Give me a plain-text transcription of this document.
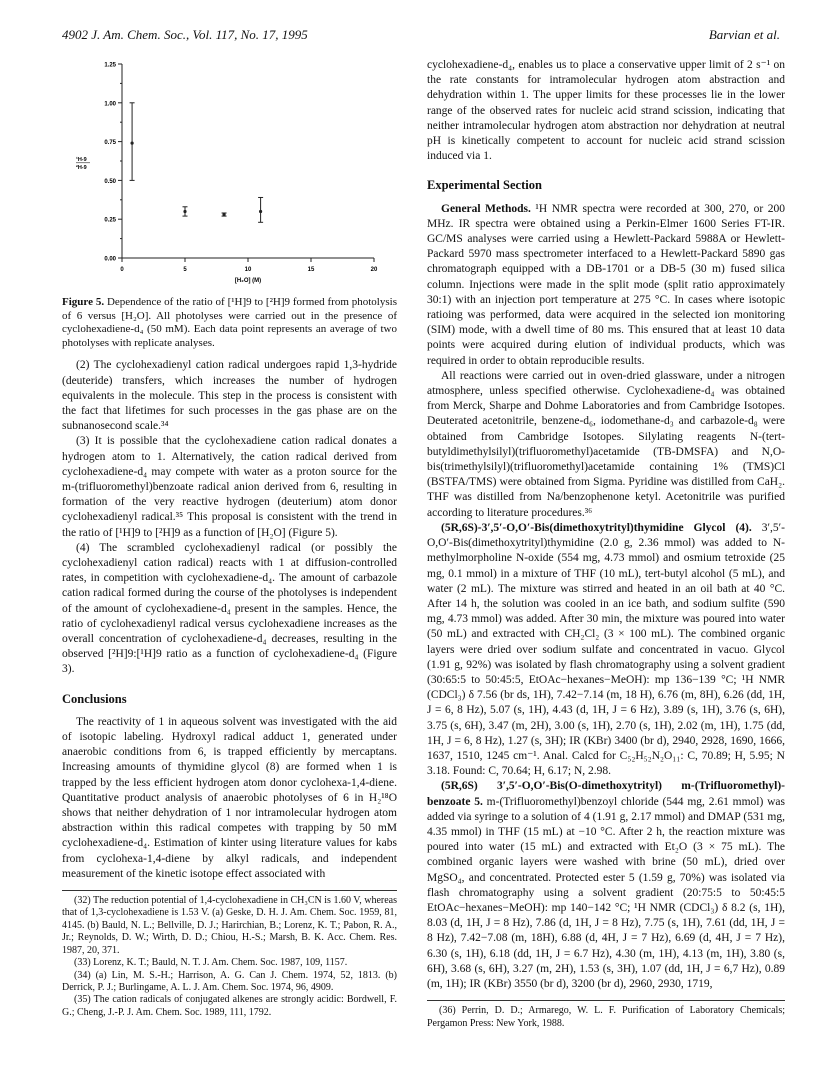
4902 J. Am. Chem. Soc., Vol. 117, No. 17, 1995	Barvian et al.
0.00
0.25
0.50
0.75
1.00
1.25
0	5	10	15	20
[H₂O] (M)
¹H-9
²H-9
Figure 5. Dependence of the ratio of [¹H]9 to [²H]9 formed from photolysis of 6 versus [H₂O]. All photolyses were carried out in the presence of cyclohexadiene-d₄ (50 mM). Each data point represents an average of two photolyses with replicate analyses.

(2) The cyclohexadienyl cation radical undergoes rapid 1,3-hydride (deuteride) transfers, which increases the number of hydrogen equivalents in the molecule. This step in the process is consistent with the fact that lifetimes for such processes in the gas phase are on the subnanosecond scale.³⁴

(3) It is possible that the cyclohexadiene cation radical donates a hydrogen atom to 1. Alternatively, the cation radical derived from cyclohexadiene-d₄ may compete with water as a proton source for the m-(trifluoromethyl)benzoate radical anion derived from 6, resulting in formation of the very reactive hydrogen (deuterium) atom donor cyclohexadienyl radical.³⁵ This proposal is consistent with the trend in the ratio of [¹H]9 to [²H]9 as a function of [H₂O] (Figure 5).

(4) The scrambled cyclohexadienyl radical (or possibly the cyclohexadienyl cation radical) reacts with 1 at diffusion-controlled rates, in competition with cyclohexadiene-d₄. The amount of carbazole cation radical formed during the course of the photolyses is independent of the amount of cyclohexadiene-d₄ present in the samples. Hence, the ratio of cyclohexadienyl radical versus cyclohexadiene increases as the overall concentration of cyclohexadiene-d₄ decreases, resulting in the observed [²H]9:[¹H]9 ratio as a function of cyclohexadiene-d₄ (Figure 3).

Conclusions

The reactivity of 1 in aqueous solvent was investigated with the aid of isotopic labeling. Hydroxyl radical adduct 1, generated under anaerobic conditions from 6, is trapped efficiently by mercaptans. Increasing amounts of thymidine glycol (8) are formed when 1 is trapped by the less efficient hydrogen atom donor cyclohexa-1,4-diene. Quantitative product analysis of anaerobic photolyses of 6 in H₂¹⁸O shows that neither dehydration of 1 nor intramolecular hydrogen atom abstraction within this radical competes with trapping by 50 mM cyclohexadiene-d₄. Estimation of kinter using literature values for kabs from cyclohexa-1,4-diene by alkyl radicals, and independent measurement of the kinetic isotope effect associated with

(32) The reduction potential of 1,4-cyclohexadiene in CH₃CN is 1.60 V, whereas that of 1,3-cyclohexadiene is 1.53 V. (a) Geske, D. H. J. Am. Chem. Soc. 1959, 81, 4145. (b) Bauld, N. L.; Bellville, D. J.; Harirchian, B.; Lorenz, K. T.; Pabon, R. A., Jr.; Reynolds, D. W.; Wirth, D. D.; Chiou, H.-S.; Marsh, B. K. Acc. Chem. Res. 1987, 20, 371.
(33) Lorenz, K. T.; Bauld, N. T. J. Am. Chem. Soc. 1987, 109, 1157.
(34) (a) Lin, M. S.-H.; Harrison, A. G. Can J. Chem. 1974, 52, 1813. (b) Derrick, P. J.; Burlingame, A. L. J. Am. Chem. Soc. 1974, 96, 4909.
(35) The cation radicals of conjugated alkenes are strongly acidic: Bordwell, F. G.; Cheng, J.-P. J. Am. Chem. Soc. 1989, 111, 1792.

cyclohexadiene-d₄, enables us to place a conservative upper limit of 2 s⁻¹ on the rate constants for intramolecular hydrogen atom abstraction and dehydration within 1. The upper limits for these processes lie in the lower range of the observed rates for nucleic acid strand scission, indicating that neither intramolecular hydrogen atom abstraction nor dehydration at neutral pH is kinetically competent to account for nucleic acid strand scission induced via 1.

Experimental Section

General Methods. ¹H NMR spectra were recorded at 300, 270, or 200 MHz. IR spectra were obtained using a Perkin-Elmer 1600 Series FT-IR. GC/MS analyses were carried using a Hewlett-Packard 5988A or Hewlett-Packard 5970 mass spectrometer interfaced to a Hewlett-Packard 5890 gas chromatograph equipped with a DB-1701 or a DB-5 (30 m) fused silica column. Injections were made in the split mode (split ratio approximately 30:1) with an injection port temperature at 275 °C. In cases where isotopic ratioing was performed, data were acquired in the selected ion monitoring (SIM) mode, with a dwell time of 80 ms. This ensured that at least 10 data points were acquired during elution of individual products, which was required in order to obtain reproducible results.

All reactions were carried out in oven-dried glassware, under a nitrogen atmosphere, unless specified otherwise. Cyclohexadiene-d₄ was obtained from Merck, Sharpe and Dohme Laboratories and from Cambridge Isotopes. Deuterated acetonitrile, benzene-d₆, iodomethane-d₃ and carbazole-d₈ were obtained from Cambridge Isotopes. Silylating reagents N-(tert-butyldimethylsilyl)(trifluoromethyl)acetamide (TB-DMSFA) and N,O-bis(trimethylsilyl)(trifluoromethyl)acetamide containing 1% (TMS)Cl (BSTFA/TMS) were obtained from Sigma. Pyridine was distilled from CaH₂. THF was distilled from Na/benzophenone ketyl. Acetonitrile was purified according to literature procedures.³⁶

(5R,6S)-3′,5′-O,O′-Bis(dimethoxytrityl)thymidine Glycol (4). 3′,5′-O,O′-Bis(dimethoxytrityl)thymidine (2.0 g, 2.36 mmol) was added to N-methylmorpholine N-oxide (554 mg, 4.73 mmol) and osmium tetroxide (25 mg, 0.1 mmol) in a mixture of THF (10 mL), tert-butyl alcohol (5 mL), and water (2 mL). The mixture was stirred and heated in an oil bath at 40 °C. After 14 h, the solution was cooled in an ice bath, and sodium sulfite (590 mg, 4.73 mmol) was added. After 30 min, the mixture was poured into water (50 mL) and extracted with CH₂Cl₂ (3 × 100 mL). The combined organic layers were dried over sodium sulfate and concentrated in vacuo. Glycol (1.91 g, 92%) was isolated by flash chromatography using a solvent gradient (30:65:5 to 50:45:5, EtOAc−hexanes−MeOH): mp 136−139 °C; ¹H NMR (CDCl₃) δ 7.56 (br ds, 1H), 7.42−7.14 (m, 18 H), 6.76 (m, 8H), 6.26 (dd, 1H, J = 6, 8 Hz), 5.07 (s, 1H), 4.43 (d, 1H, J = 6 Hz), 3.89 (s, 1H), 3.76 (s, 6H), 3.75 (s, 6H), 3.47 (m, 2H), 3.00 (s, 1H), 2.70 (s, 1H), 2.02 (m, 1H), 1.75 (dd, 1H, J = 6, 8 Hz), 1.27 (s, 3H); IR (KBr) 3400 (br d), 2940, 2928, 1690, 1666, 1637, 1510, 1245 cm⁻¹. Anal. Calcd for C₅₂H₅₂N₂O₁₁: C, 70.89; H, 5.95; N 3.18. Found: C, 70.64; H, 6.17; N, 2.98.

(5R,6S) 3′,5′-O,O′-Bis(O-dimethoxytrityl) m-(Trifluoromethyl)-benzoate 5. m-(Trifluoromethyl)benzoyl chloride (544 mg, 2.61 mmol) was added via syringe to a solution of 4 (1.91 g, 2.17 mmol) and DMAP (531 mg, 4.35 mmol) in THF (15 mL) at −10 °C. After 2 h, the reaction mixture was poured into water (15 mL) and extracted with Et₂O (3 × 75 mL). The combined organic layers were washed with brine (50 mL), dried over MgSO₄, and concentrated. Protected ester 5 (1.59 g, 70%) was isolated via flash chromatography using a solvent gradient (20:75:5 to 50:45:5 EtOAc−hexanes−MeOH): mp 140−142 °C; ¹H NMR (CDCl₃) δ 8.2 (s, 1H), 8.03 (d, 1H, J = 8 Hz), 7.86 (d, 1H, J = 8 Hz), 7.75 (s, 1H), 7.61 (dd, 1H, J = 8 Hz), 7.42−7.08 (m, 18H), 6.88 (d, 4H, J = 7 Hz), 6.69 (d, 4H, J = 7 Hz), 6.30 (s, 1H), 6.18 (dd, 1H, J = 6.7 Hz), 4.30 (m, 1H), 4.13 (m, 1H), 3.80 (s, 6H), 3.68 (s, 6H), 3.27 (m, 2H), 1.53 (s, 3H), 1.07 (dd, 1H, J = 6,7 Hz), 0.89 (m, 1H); IR (KBr) 3550 (br d), 3200 (br d), 2960, 2930, 1719,

(36) Perrin, D. D.; Armarego, W. L. F. Purification of Laboratory Chemicals; Pergamon Press: New York, 1988.
